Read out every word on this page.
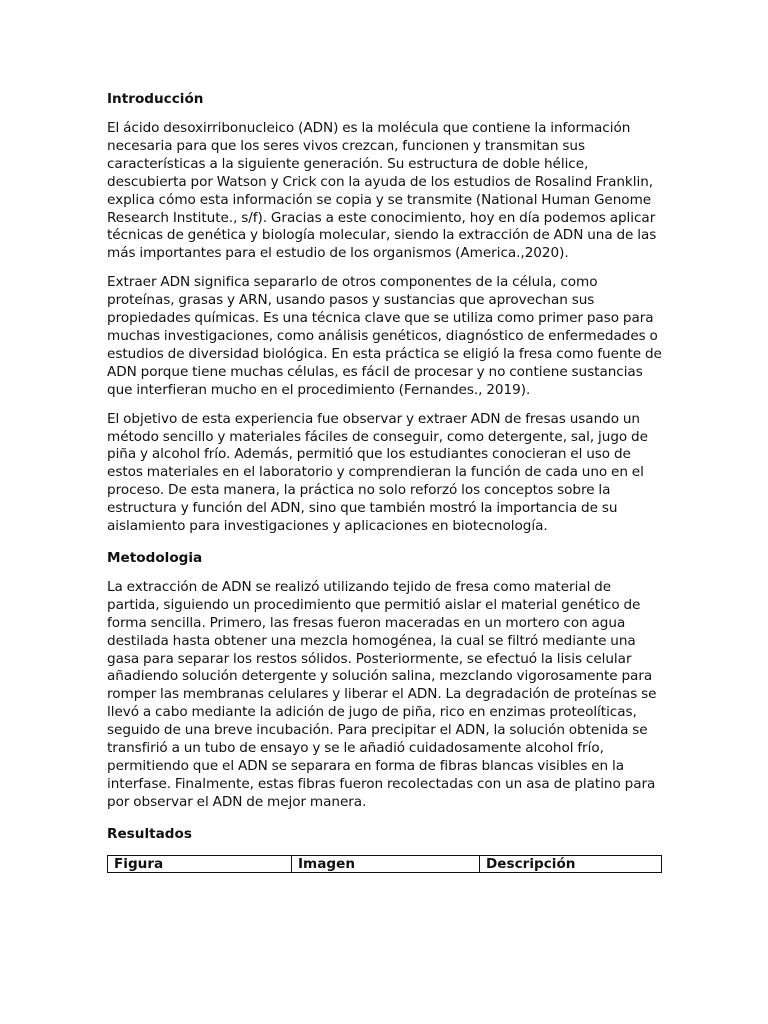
Introducción

El ácido desoxirribonucleico (ADN) es la molécula que contiene la información necesaria para que los seres vivos crezcan, funcionen y transmitan sus características a la siguiente generación. Su estructura de doble hélice, descubierta por Watson y Crick con la ayuda de los estudios de Rosalind Franklin, explica cómo esta información se copia y se transmite (National Human Genome Research Institute., s/f). Gracias a este conocimiento, hoy en día podemos aplicar técnicas de genética y biología molecular, siendo la extracción de ADN una de las más importantes para el estudio de los organismos (America.,2020).

Extraer ADN significa separarlo de otros componentes de la célula, como proteínas, grasas y ARN, usando pasos y sustancias que aprovechan sus propiedades químicas. Es una técnica clave que se utiliza como primer paso para muchas investigaciones, como análisis genéticos, diagnóstico de enfermedades o estudios de diversidad biológica. En esta práctica se eligió la fresa como fuente de ADN porque tiene muchas células, es fácil de procesar y no contiene sustancias que interfieran mucho en el procedimiento (Fernandes., 2019).

El objetivo de esta experiencia fue observar y extraer ADN de fresas usando un método sencillo y materiales fáciles de conseguir, como detergente, sal, jugo de piña y alcohol frío. Además, permitió que los estudiantes conocieran el uso de estos materiales en el laboratorio y comprendieran la función de cada uno en el proceso. De esta manera, la práctica no solo reforzó los conceptos sobre la estructura y función del ADN, sino que también mostró la importancia de su aislamiento para investigaciones y aplicaciones en biotecnología.

Metodologia

La extracción de ADN se realizó utilizando tejido de fresa como material de partida, siguiendo un procedimiento que permitió aislar el material genético de forma sencilla. Primero, las fresas fueron maceradas en un mortero con agua destilada hasta obtener una mezcla homogénea, la cual se filtró mediante una gasa para separar los restos sólidos. Posteriormente, se efectuó la lisis celular añadiendo solución detergente y solución salina, mezclando vigorosamente para romper las membranas celulares y liberar el ADN. La degradación de proteínas se llevó a cabo mediante la adición de jugo de piña, rico en enzimas proteolíticas, seguido de una breve incubación. Para precipitar el ADN, la solución obtenida se transfirió a un tubo de ensayo y se le añadió cuidadosamente alcohol frío, permitiendo que el ADN se separara en forma de fibras blancas visibles en la interfase. Finalmente, estas fibras fueron recolectadas con un asa de platino para por observar el ADN de mejor manera.

Resultados
Figura	Imagen	Descripción
